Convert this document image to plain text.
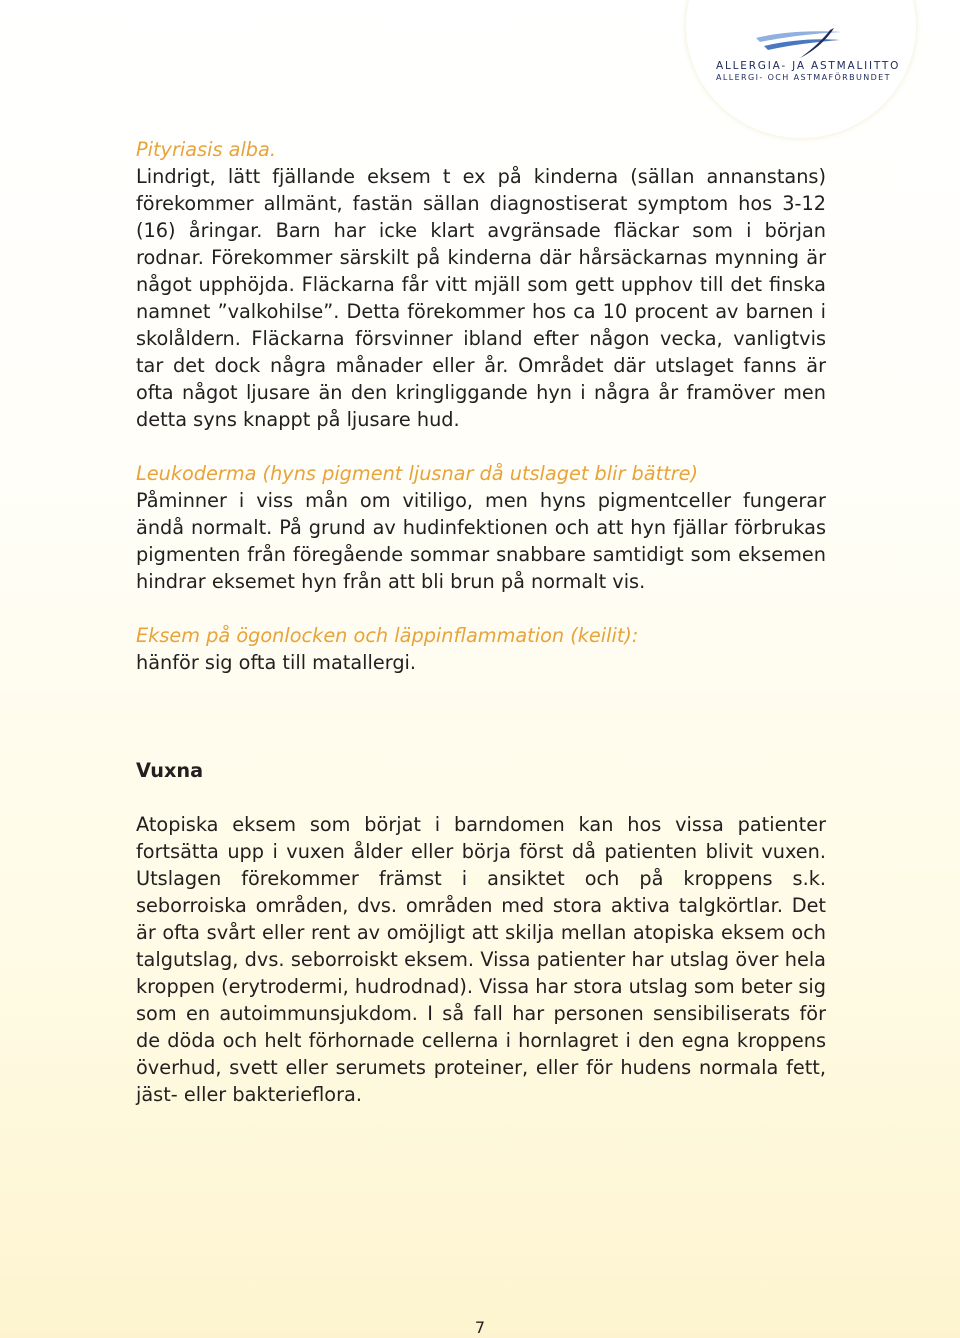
ALLERGIA- JA ASTMALIITTO
ALLERGI- OCH ASTMAFÖRBUNDET

Pityriasis alba.

Lindrigt, lätt fjällande eksem t ex på kinderna (sällan annanstans) förekommer allmänt, fastän sällan diagnostiserat symptom hos 3-12 (16) åringar. Barn har icke klart avgränsade fläckar som i början rodnar. Förekommer särskilt på kinderna där hårsäckarnas mynning är något upphöjda. Fläckarna får vitt mjäll som gett upphov till det finska namnet ”valkohilse”. Detta förekommer hos ca 10 procent av barnen i skolåldern. Fläckarna försvinner ibland efter någon vecka, vanligtvis tar det dock några månader eller år. Området där utslaget fanns är ofta något ljusare än den kringliggande hyn i några år framöver men detta syns knappt på ljusare hud.

Leukoderma (hyns pigment ljusnar då utslaget blir bättre)

Påminner i viss mån om vitiligo, men hyns pigmentceller fungerar ändå normalt. På grund av hudinfektionen och att hyn fjällar förbrukas pigmenten från föregående sommar snabbare samtidigt som eksemen hindrar eksemet hyn från att bli brun på normalt vis.

Eksem på ögonlocken och läppinflammation (keilit):

hänför sig ofta till matallergi.

Vuxna

Atopiska eksem som börjat i barndomen kan hos vissa patienter fortsätta upp i vuxen ålder eller börja först då patienten blivit vuxen. Utslagen förekommer främst i ansiktet och på kroppens s.k. seborroiska områden, dvs. områden med stora aktiva talgkörtlar. Det är ofta svårt eller rent av omöjligt att skilja mellan atopiska eksem och talgutslag, dvs. seborroiskt eksem. Vissa patienter har utslag över hela kroppen (erytrodermi, hudrodnad). Vissa har stora utslag som beter sig som en autoimmunsjukdom. I så fall har personen sensibiliserats för de döda och helt förhornade cellerna i hornlagret i den egna kroppens överhud, svett eller serumets proteiner, eller för hudens normala fett, jäst- eller bakterieflora.

7
